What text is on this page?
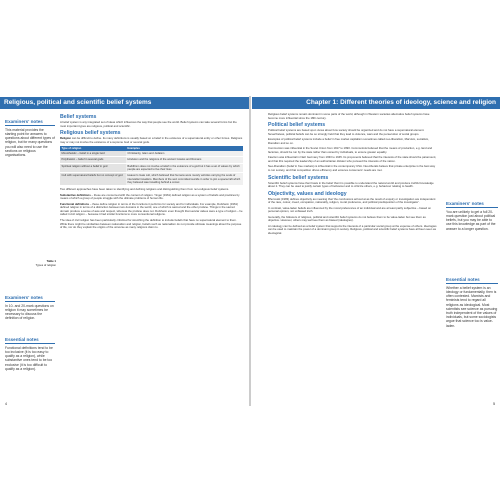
Religious, political and scientific belief systems
Examiners' notes
This material provides the starting point for answers to questions about different types of religion, but for many questions you will also need to use the sections on religious organisations.
Table 1
Types of religion
Examiners' notes
In 10- and 20-mark questions on religion it may sometimes be necessary to discuss the definition of religion.
Essential notes
Functional definitions tend to be too inclusive (it is too easy to qualify as a religion), while substantive ones tend to be too exclusive (it is too difficult to qualify as a religion).
Belief systems

A belief system is any integrated set of ideas which influences the way that people see the world. Belief systems can take several forms but the most important types are religious, political and scientific.

Religious belief systems

Religion can be difficult to define. Its many definitions is usually based on a belief in the existence of a supernatural entity or other forces. Religions may or may not involve the existence of a supreme God or several gods.

Type of religion	Examples
Monotheistic – belief in a single God	Christianity, Islam and Judaism
Polytheistic – belief in several gods	Hinduism and the religions of the ancient Greeks and Romans
Spiritual religion without a belief in god	Buddhism does not involve a belief in the existence of a god but it has a set of values by which people are expected to live their lives
Cult with supernatural beliefs but no concept of god	Heaven's Gate cult, which believed that humans were merely vehicles carrying the souls of interstellar travellers. Members of the sect committed suicide in order to join a spacecraft which they believed was travelling behind a comet

Two different approaches have been taken to identifying and defining religions and distinguishing them from non-religious belief systems.

Substantive definitions – these are concerned with the content of religion. Yinger (1961) defined religion as a system of beliefs and practices by means of which a group of people struggle with the ultimate problems of human life.

Functional definitions – these define religion in terms of the functions it performs for society and for individuals. For example, Durkheim (1961) defined religion in terms of a distinction between two domains in the world, one of which is sacred and the other profane. Things in the sacred domain produce a sense of awe and respect, whereas the profane does not. Durkheim even thought that secular values were a type of religion – he called it civil religion – because it had similar functions to more conventional religions.

The idea of civil religion has been particularly criticized for stretching the definition to include beliefs that have no supernatural element to them. While there might be similarities between nationalism and religion, beliefs such as nationalism do not provide ultimate meanings about the purpose of life, nor do they explain the origins of the universe as many religions claim to.

4
Chapter 1: Different theories of ideology, science and religion

Religious belief systems remain dominant in some parts of the world, although in Western societies alternative belief systems have become more influential since the 18th century.

Political belief systems

Political belief systems are based upon views about how society should be organized and do not have a supernatural element. Nevertheless, political beliefs can be so strongly held that they lead to violence, wars and the persecution of social groups.

Examples of political belief systems include a belief in free market capitalism sometimes called neo-liberalism, Marxism, socialism, liberalism and so on.

Communism was influential in the Soviet Union from 1917 to 1990. Communists believed that the means of production, e.g. land and factories, should be run by the state rather than owned by individuals, to ensure greater equality.

Fascism was influential in Nazi Germany from 1933 to 1945. Its proponents believed that the interests of the state should be paramount, and that this required the leadership of an authoritarian dictator who pursued the interests of the nation.

Neo-liberalism (belief in free markets) is influential in the contemporary USA. Neo-liberals believe that private enterprise is the best way to run society, and that competition drives efficiency and ensures consumers' needs are met.

Scientific belief systems

Scientific belief systems have their basis in the belief that it is possible to understand the natural world and produce truthful knowledge about it. They can be used to justify certain types of behaviour and to criticize others, e.g. behaviour relating to health.

Objectivity, values and ideology

Bhorovski (1983) defines objectivity as meaning that 'the conclusions arrived at as the result of enquiry or investigation are independent of the race, colour, creed, occupation, nationality, religion, moral preference, and political predisposition of the investigator'.

In contrast, value-laden beliefs are influenced by the moral preferences of an individual and are at least partly subjective – based on personal opinion, not unbiased truth.

Generally, the followers of religious, political and scientific belief systems do not believe them to be value-laden but see them as objective. However, others may well see them as biased (ideologies).

An ideology can be defined as a belief system that supports the interests of a particular social group at the expense of others. Ideologies can be used to maintain the power of a dominant group in society. Religious, political and scientific belief systems have all been seen as ideological.

Examiners' notes
You are unlikely to get a full 20-mark question just about political beliefs, but you may be able to use this knowledge as part of the answer to a longer question.
Essential notes
Whether a belief system is an ideology or fundamentally, then is often contested. Marxists and feminists tend to regard all religions as ideological. Most scientists see science as pursuing truth independent of the values of individuals, but some sociologists argue that science too is value-laden.
5
